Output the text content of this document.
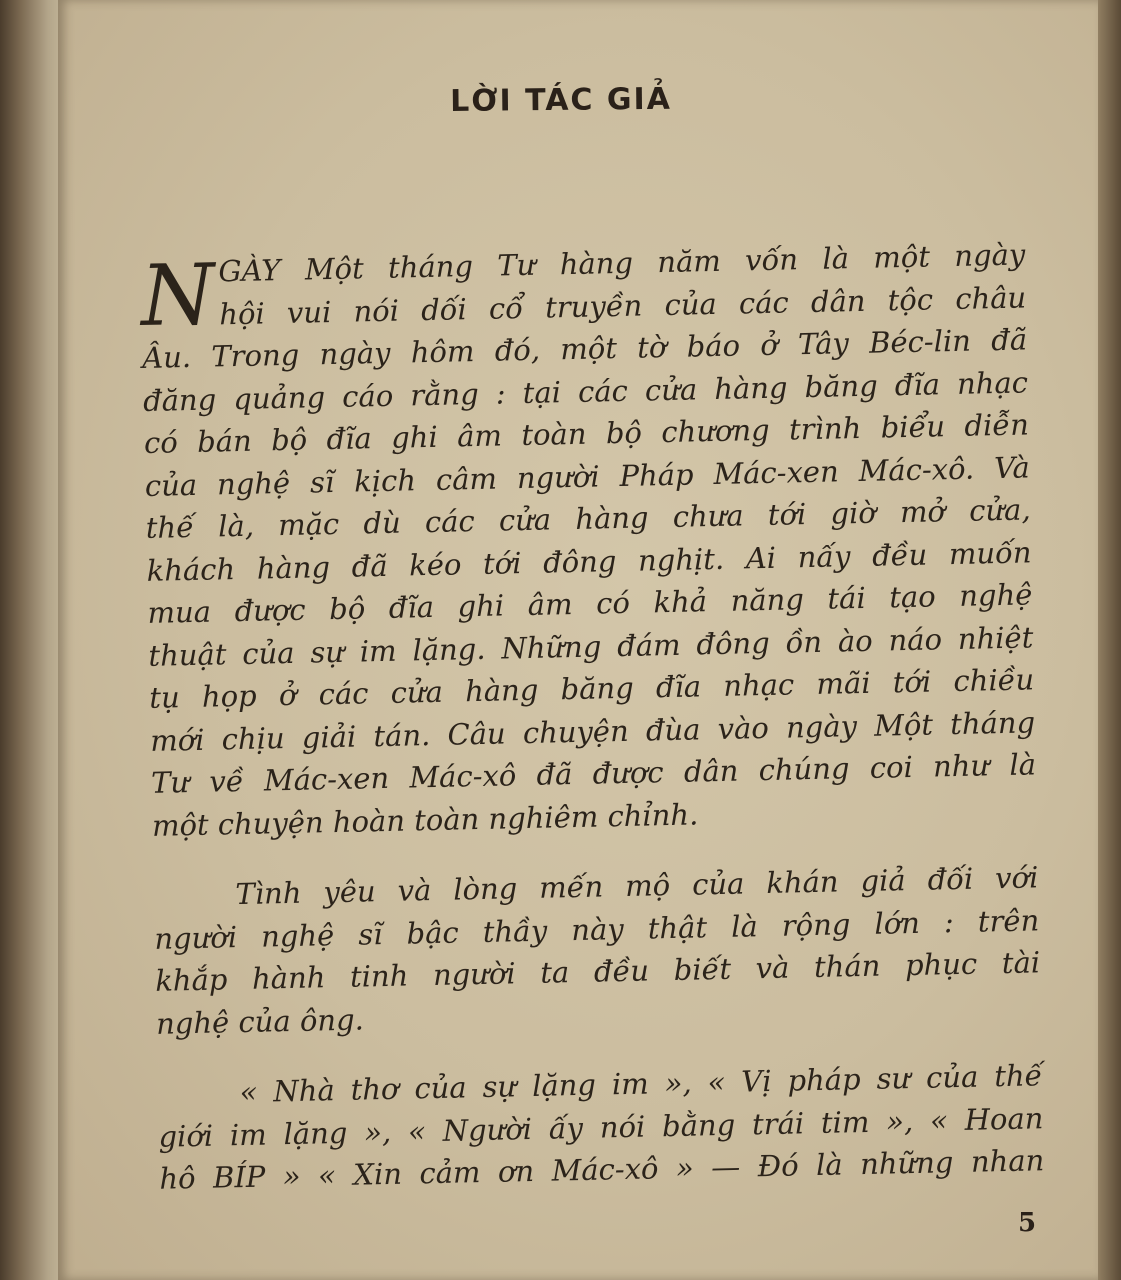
LỜI TÁC GIẢ
N GÀY Một tháng Tư hàng năm vốn là một ngày
hội vui nói dối cổ truyền của các dân tộc châu
Âu. Trong ngày hôm đó, một tờ báo ở Tây Béc-lin đã
đăng quảng cáo rằng : tại các cửa hàng băng đĩa nhạc
có bán bộ đĩa ghi âm toàn bộ chương trình biểu diễn
của nghệ sĩ kịch câm người Pháp Mác-xen Mác-xô. Và
thế là, mặc dù các cửa hàng chưa tới giờ mở cửa,
khách hàng đã kéo tới đông nghịt. Ai nấy đều muốn
mua được bộ đĩa ghi âm có khả năng tái tạo nghệ
thuật của sự im lặng. Những đám đông ồn ào náo nhiệt
tụ họp ở các cửa hàng băng đĩa nhạc mãi tới chiều
mới chịu giải tán. Câu chuyện đùa vào ngày Một tháng
Tư về Mác-xen Mác-xô đã được dân chúng coi như là
một chuyện hoàn toàn nghiêm chỉnh.
Tình yêu và lòng mến mộ của khán giả đối với
người nghệ sĩ bậc thầy này thật là rộng lớn : trên
khắp hành tinh người ta đều biết và thán phục tài
nghệ của ông.
« Nhà thơ của sự lặng im », « Vị pháp sư của thế
giới im lặng », « Người ấy nói bằng trái tim », « Hoan
hô BÍP » « Xin cảm ơn Mác-xô » — Đó là những nhan
5
